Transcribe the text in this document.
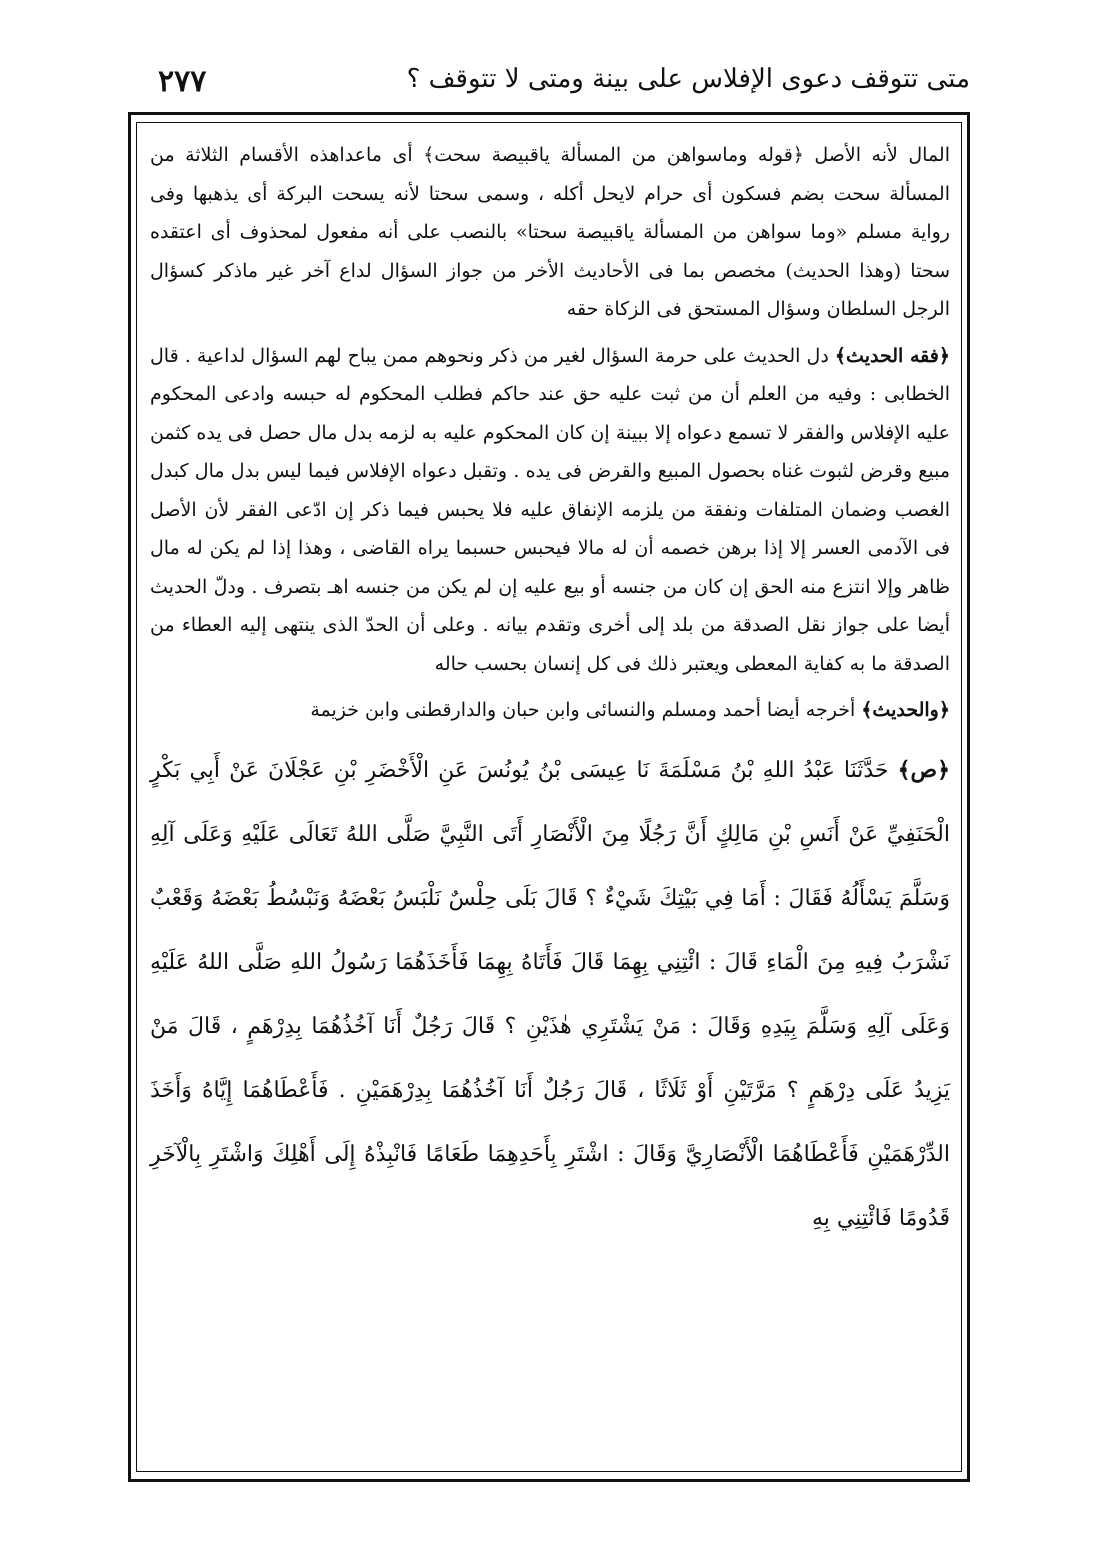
متى تتوقف دعوى الإفلاس على بينة ومتى لا تتوقف ؟
٢٧٧

المال لأنه الأصل ﴿قوله وماسواهن من المسألة ياقبيصة سحت﴾ أى ماعداهذه الأقسام الثلاثة من المسألة سحت بضم فسكون أى حرام لايحل أكله ، وسمى سحتا لأنه يسحت البركة أى يذهبها وفى رواية مسلم «وما سواهن من المسألة ياقبيصة سحتا» بالنصب على أنه مفعول لمحذوف أى اعتقده سحتا (وهذا الحديث) مخصص بما فى الأحاديث الأخر من جواز السؤال لداع آخر غير ماذكر كسؤال الرجل السلطان وسؤال المستحق فى الزكاة حقه

﴿فقه الحديث﴾ دل الحديث على حرمة السؤال لغير من ذكر ونحوهم ممن يباح لهم السؤال لداعية . قال الخطابى : وفيه من العلم أن من ثبت عليه حق عند حاكم فطلب المحكوم له حبسه وادعى المحكوم عليه الإفلاس والفقر لا تسمع دعواه إلا ببينة إن كان المحكوم عليه به لزمه بدل مال حصل فى يده كثمن مبيع وقرض لثبوت غناه بحصول المبيع والقرض فى يده . وتقبل دعواه الإفلاس فيما ليس بدل مال كبدل الغصب وضمان المتلفات ونفقة من يلزمه الإنفاق عليه فلا يحبس فيما ذكر إن ادّعى الفقر لأن الأصل فى الآدمى العسر إلا إذا برهن خصمه أن له مالا فيحبس حسبما يراه القاضى ، وهذا إذا لم يكن له مال ظاهر وإلا انتزع منه الحق إن كان من جنسه أو بيع عليه إن لم يكن من جنسه اهـ بتصرف . ودلّ الحديث أيضا على جواز نقل الصدقة من بلد إلى أخرى وتقدم بيانه . وعلى أن الحدّ الذى ينتهى إليه العطاء من الصدقة ما به كفاية المعطى ويعتبر ذلك فى كل إنسان بحسب حاله

﴿والحديث﴾ أخرجه أيضا أحمد ومسلم والنسائى وابن حبان والدارقطنى وابن خزيمة

﴿ص﴾ حَدَّثَنَا عَبْدُ اللهِ بْنُ مَسْلَمَةَ نَا عِيسَى بْنُ يُونُسَ عَنِ الْأَخْضَرِ بْنِ عَجْلَانَ عَنْ أَبِي بَكْرٍ الْحَنَفِيِّ عَنْ أَنَسِ بْنِ مَالِكٍ أَنَّ رَجُلًا مِنَ الْأَنْصَارِ أَتَى النَّبِيَّ صَلَّى اللهُ تَعَالَى عَلَيْهِ وَعَلَى آلِهِ وَسَلَّمَ يَسْأَلُهُ فَقَالَ : أَمَا فِي بَيْتِكَ شَيْءٌ ؟ قَالَ بَلَى حِلْسٌ نَلْبَسُ بَعْضَهُ وَنَبْسُطُ بَعْضَهُ وَقَعْبٌ نَشْرَبُ فِيهِ مِنَ الْمَاءِ قَالَ : ائْتِنِي بِهِمَا قَالَ فَأَتَاهُ بِهِمَا فَأَخَذَهُمَا رَسُولُ اللهِ صَلَّى اللهُ عَلَيْهِ وَعَلَى آلِهِ وَسَلَّمَ بِيَدِهِ وَقَالَ : مَنْ يَشْتَرِي هٰذَيْنِ ؟ قَالَ رَجُلٌ أَنَا آخُذُهُمَا بِدِرْهَمٍ ، قَالَ مَنْ يَزِيدُ عَلَى دِرْهَمٍ ؟ مَرَّتَيْنِ أَوْ ثَلَاثًا ، قَالَ رَجُلٌ أَنَا آخُذُهُمَا بِدِرْهَمَيْنِ . فَأَعْطَاهُمَا إِيَّاهُ وَأَخَذَ الدِّرْهَمَيْنِ فَأَعْطَاهُمَا الْأَنْصَارِيَّ وَقَالَ : اشْتَرِ بِأَحَدِهِمَا طَعَامًا فَانْبِذْهُ إِلَى أَهْلِكَ وَاشْتَرِ بِالْآخَرِ قَدُومًا فَائْتِنِي بِهِ
